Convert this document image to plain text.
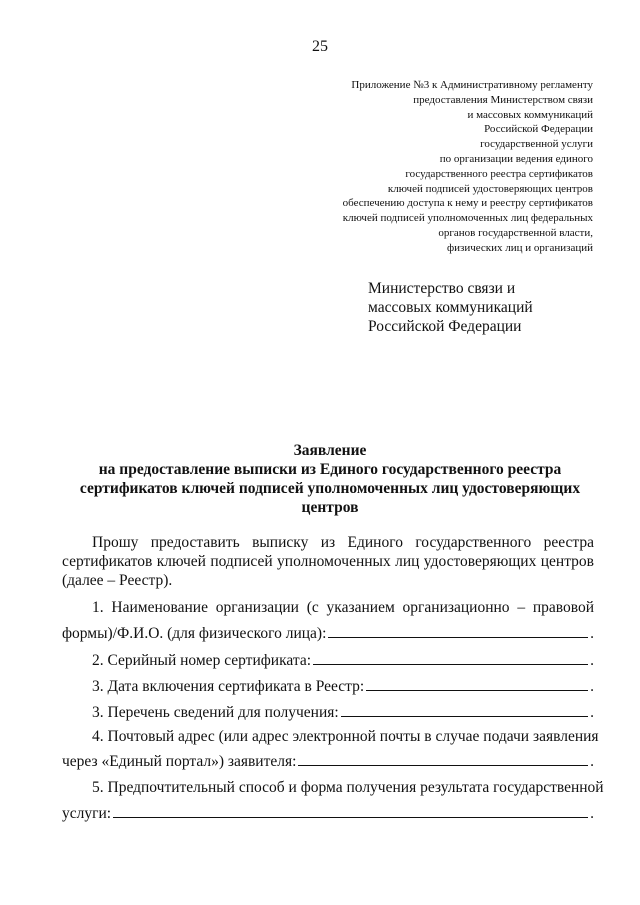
25
Приложение №3 к Административному регламенту
предоставления Министерством связи
и массовых коммуникаций
Российской Федерации
государственной услуги
по организации ведения единого
государственного реестра сертификатов
ключей подписей удостоверяющих центров
обеспечению доступа к нему и реестру сертификатов
ключей подписей уполномоченных лиц федеральных
органов государственной власти,
физических лиц и организаций
Министерство связи и
массовых коммуникаций
Российской Федерации
Заявление
на предоставление выписки из Единого государственного реестра
сертификатов ключей подписей уполномоченных лиц удостоверяющих
центров
Прошу предоставить выписку из Единого государственного реестра
сертификатов ключей подписей уполномоченных лиц удостоверяющих центров
(далее – Реестр).
1. Наименование организации (с указанием организационно – правовой
формы)/Ф.И.О. (для физического лица):	.
2. Серийный номер сертификата:	.
3. Дата включения сертификата в Реестр:	.
3. Перечень сведений для получения:	.
4. Почтовый адрес (или адрес электронной почты в случае подачи заявления
через «Единый портал») заявителя:	.
5. Предпочтительный способ и форма получения результата государственной
услуги:	.
